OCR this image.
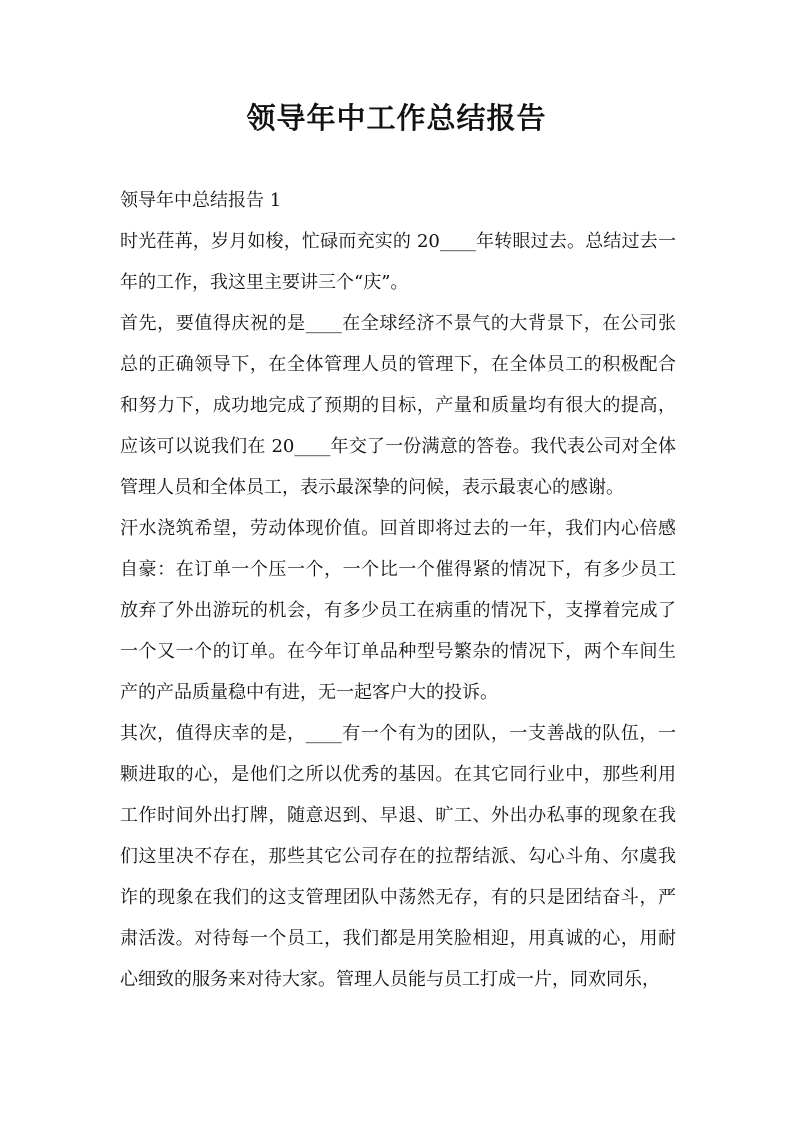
领导年中工作总结报告

领导年中总结报告 1

时光荏苒，岁月如梭，忙碌而充实的 20____年转眼过去。总结过去一年的工作，我这里主要讲三个“庆”。

首先，要值得庆祝的是____在全球经济不景气的大背景下，在公司张总的正确领导下，在全体管理人员的管理下，在全体员工的积极配合和努力下，成功地完成了预期的目标，产量和质量均有很大的提高，应该可以说我们在 20____年交了一份满意的答卷。我代表公司对全体管理人员和全体员工，表示最深挚的问候，表示最衷心的感谢。

汗水浇筑希望，劳动体现价值。回首即将过去的一年，我们内心倍感自豪：在订单一个压一个，一个比一个催得紧的情况下，有多少员工放弃了外出游玩的机会，有多少员工在病重的情况下，支撑着完成了一个又一个的订单。在今年订单品种型号繁杂的情况下，两个车间生产的产品质量稳中有进，无一起客户大的投诉。

其次，值得庆幸的是，____有一个有为的团队，一支善战的队伍，一颗进取的心，是他们之所以优秀的基因。在其它同行业中，那些利用工作时间外出打牌，随意迟到、早退、旷工、外出办私事的现象在我们这里决不存在，那些其它公司存在的拉帮结派、勾心斗角、尔虞我诈的现象在我们的这支管理团队中荡然无存，有的只是团结奋斗，严肃活泼。对待每一个员工，我们都是用笑脸相迎，用真诚的心，用耐心细致的服务来对待大家。管理人员能与员工打成一片，同欢同乐，
